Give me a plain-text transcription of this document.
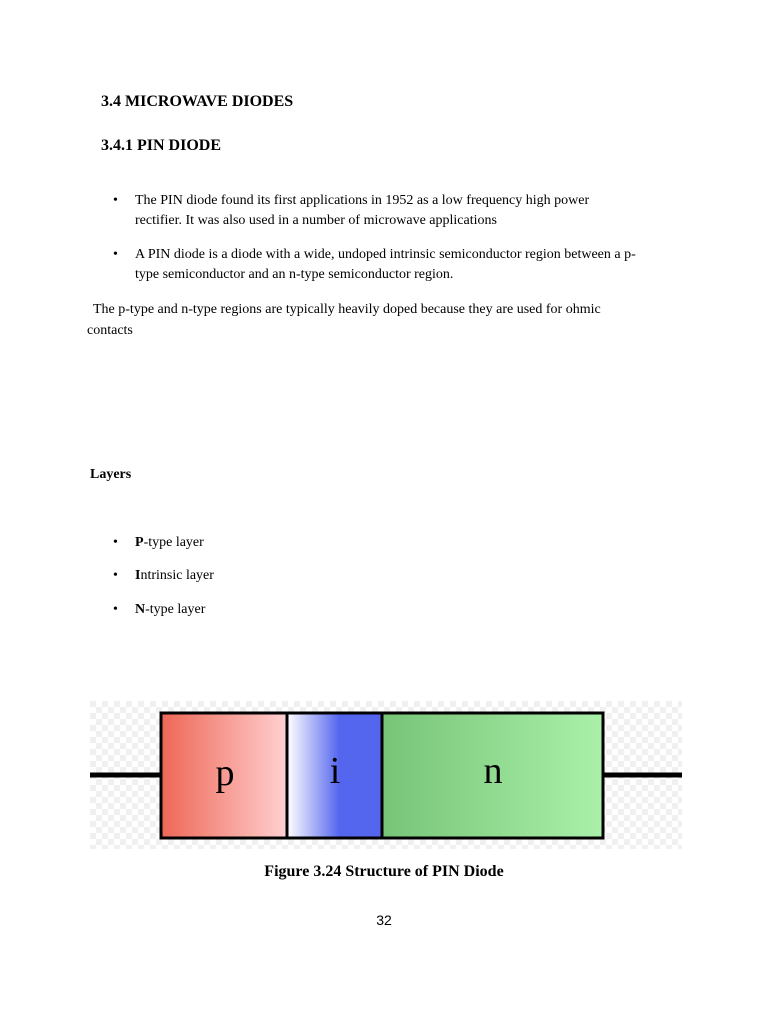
3.4 MICROWAVE DIODES
3.4.1 PIN DIODE

• The PIN diode found its first applications in 1952 as a low frequency high power
rectifier. It was also used in a number of microwave applications

• A PIN diode is a diode with a wide, undoped intrinsic semiconductor region between a p-
type semiconductor and an n-type semiconductor region.

The p-type and n-type regions are typically heavily doped because they are used for ohmic
contacts
Layers
• P-type layer
• Intrinsic layer
• N-type layer
p	i	n
Figure 3.24 Structure of PIN Diode
32
